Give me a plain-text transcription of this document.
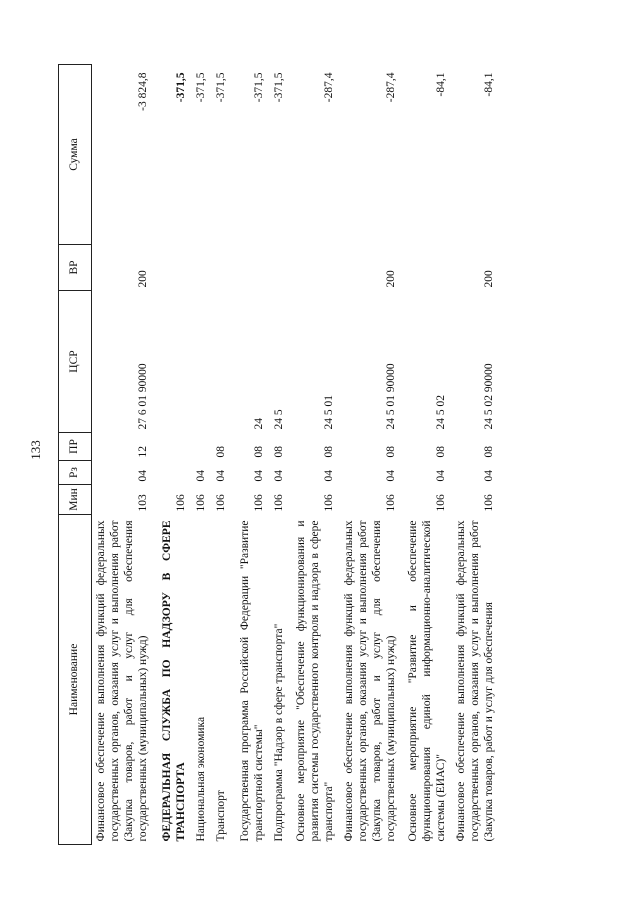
133
Наименование	Мин	Рз	ПР	ЦСР	ВР	Сумма
Финансовое обеспечение выполнения функций федеральных государственных органов, оказания услуг и выполнения работ (Закупка товаров, работ и услуг для обеспечения государственных (муниципальных) нужд)	103	04	12	27 6 01 90000	200	-3 824,8
ФЕДЕРАЛЬНАЯ СЛУЖБА ПО НАДЗОРУ В СФЕРЕ ТРАНСПОРТА	106					-371,5
Национальная экономика	106	04				-371,5
Транспорт	106	04	08			-371,5
Государственная программа Российской Федерации "Развитие транспортной системы"	106	04	08	24		-371,5
Подпрограмма "Надзор в сфере транспорта"	106	04	08	24 5		-371,5
Основное мероприятие "Обеспечение функционирования и развития системы государственного контроля и надзора в сфере транспорта"	106	04	08	24 5 01		-287,4
Финансовое обеспечение выполнения функций федеральных государственных органов, оказания услуг и выполнения работ (Закупка товаров, работ и услуг для обеспечения государственных (муниципальных) нужд)	106	04	08	24 5 01 90000	200	-287,4
Основное мероприятие "Развитие и обеспечение функционирования единой информационно-аналитической системы (ЕИАС)"	106	04	08	24 5 02		-84,1
Финансовое обеспечение выполнения функций федеральных государственных органов, оказания услуг и выполнения работ (Закупка товаров, работ и услуг для обеспечения	106	04	08	24 5 02 90000	200	-84,1
